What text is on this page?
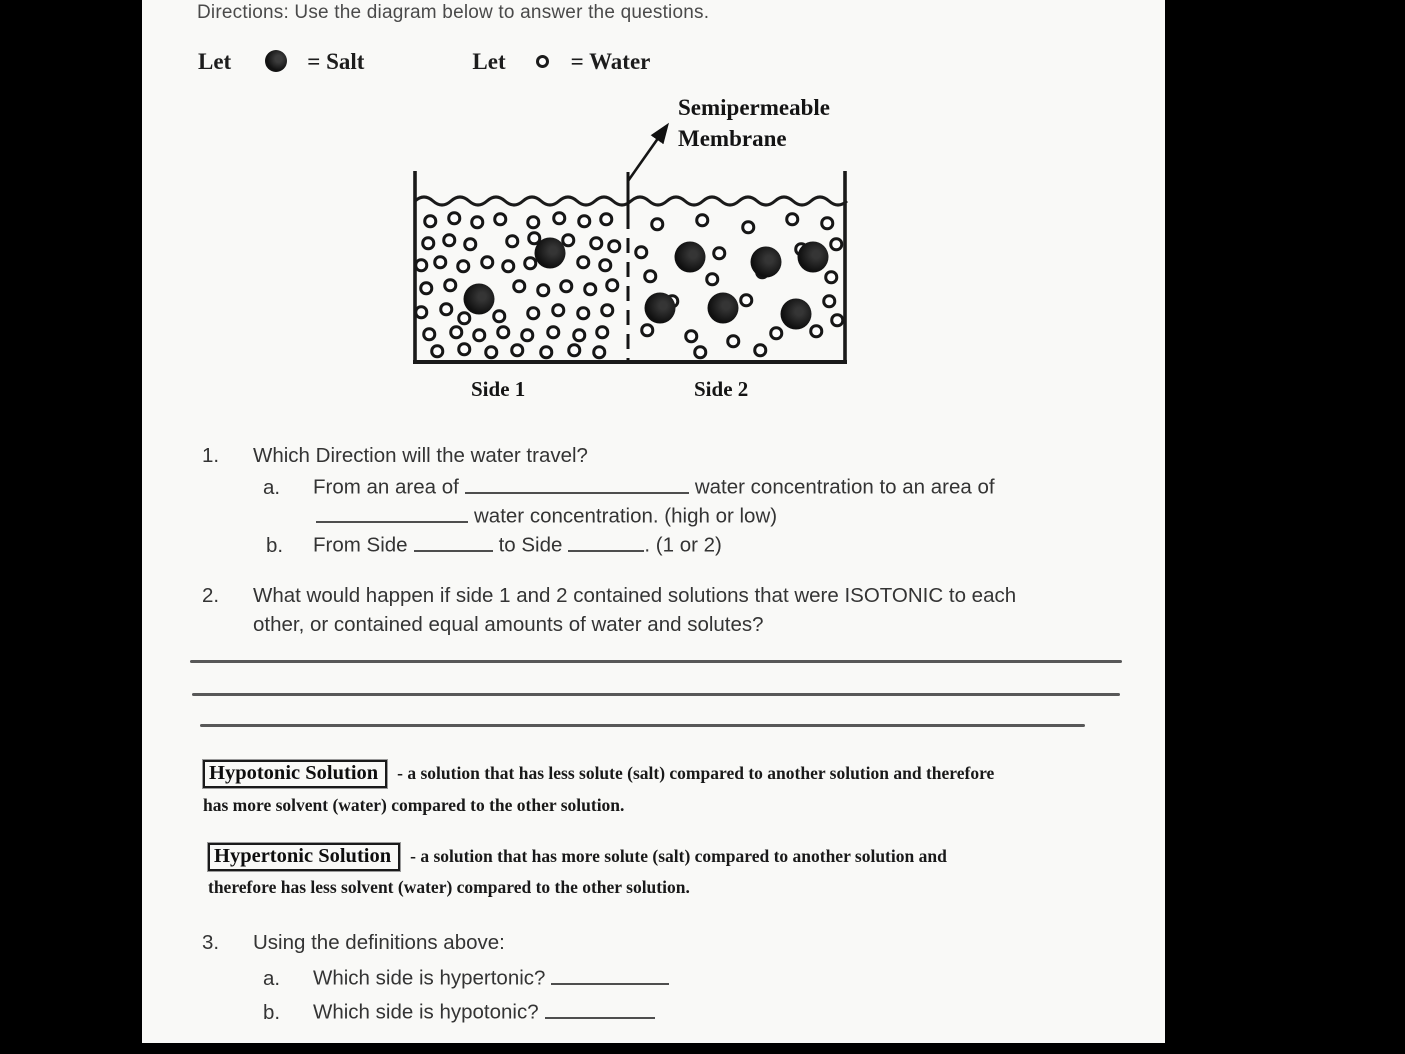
Directions: Use the diagram below to answer the questions.
Let	= Salt	Let	= Water
Semipermeable
Membrane
Side 1	Side 2
1. Which Direction will the water travel?
a. From an area of	water concentration to an area of
water concentration. (high or low)
b. From Side	to Side	. (1 or 2)
2. What would happen if side 1 and 2 contained solutions that were ISOTONIC to each
other, or contained equal amounts of water and solutes?
Hypotonic Solution - a solution that has less solute (salt) compared to another solution and therefore
has more solvent (water) compared to the other solution.
Hypertonic Solution - a solution that has more solute (salt) compared to another solution and
therefore has less solvent (water) compared to the other solution.
3. Using the definitions above:
a. Which side is hypertonic?
b. Which side is hypotonic?
